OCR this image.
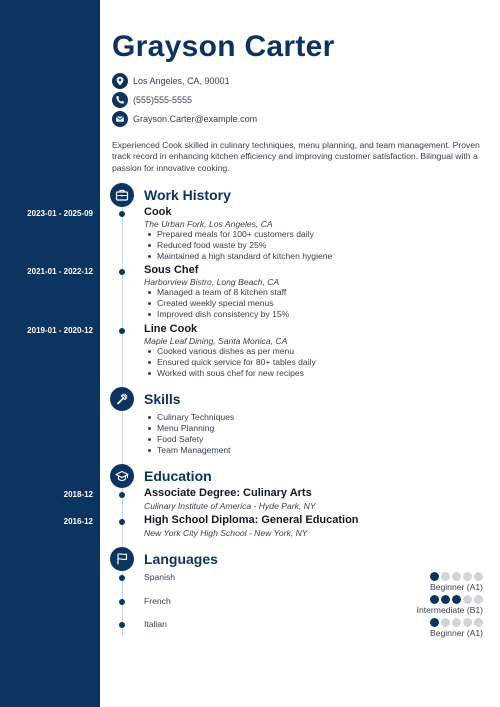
Grayson Carter
Los Angeles, CA, 90001
(555)555-5555
Grayson.Carter@example.com
Experienced Cook skilled in culinary techniques, menu planning, and team management. Proven track record in enhancing kitchen efficiency and improving customer satisfaction. Bilingual with a passion for innovative cooking.
Work History
2023-01 - 2025-09	Cook
The Urban Fork, Los Angeles, CA
Prepared meals for 100+ customers daily
Reduced food waste by 25%
Maintained a high standard of kitchen hygiene
2021-01 - 2022-12	Sous Chef
Harborview Bistro, Long Beach, CA
Managed a team of 8 kitchen staff
Created weekly special menus
Improved dish consistency by 15%
2019-01 - 2020-12	Line Cook
Maple Leaf Dining, Santa Monica, CA
Cooked various dishes as per menu
Ensured quick service for 80+ tables daily
Worked with sous chef for new recipes
Skills
Culinary Techniques
Menu Planning
Food Safety
Team Management
Education
2018-12	Associate Degree: Culinary Arts
Culinary Institute of America - Hyde Park, NY
2016-12	High School Diploma: General Education
New York City High School - New York, NY
Languages
Spanish
Beginner (A1)
French
Intermediate (B1)
Italian
Beginner (A1)
